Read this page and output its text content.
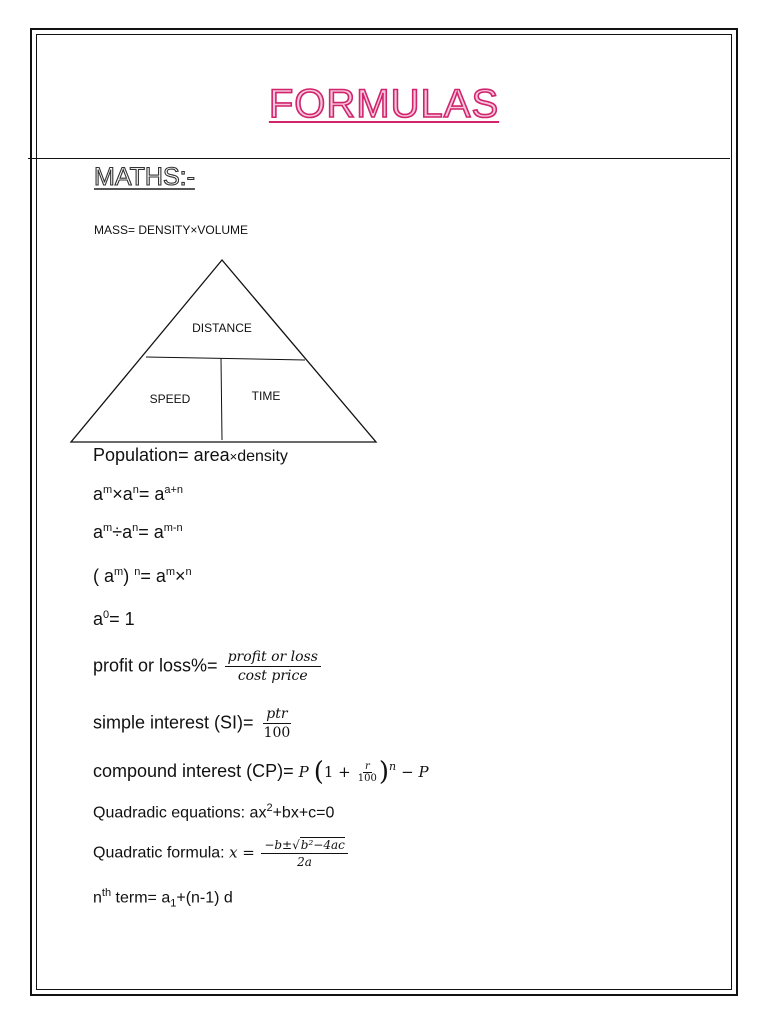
FORMULAS
MATHS:-
MASS= DENSITY×VOLUME
DISTANCE
SPEED	TIME
Population= area×density
$a^m\times a^n= a^{a+n}$
$a^m\div a^n= a^{m-n}$
( $a^m$) $^n= a^m\times^n$
$a^0= 1$
profit or loss%= $\frac{\text{profit or loss}}{\text{cost price}}$
simple interest $(SI)= \frac{\text{ptr}}{100}$
compound interest (CP)= P $(1 + \frac{r}{100} )^n - P$
Quadradic equations: $ax^2+bx+c=0$
Quadratic formula: $x = \frac{\text{−b±√b²−4ac}}{2a}$
$n^{th}$ term= $a_1+(n-1)$ d
